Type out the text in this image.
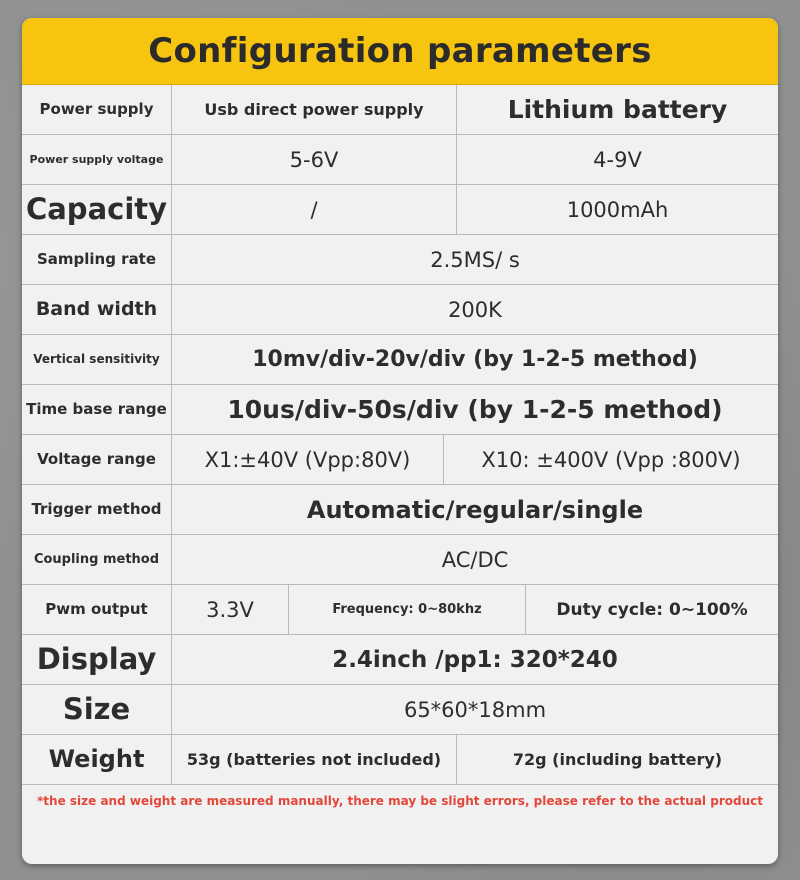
Configuration parameters
Power supply	Usb direct power supply	Lithium battery
Power supply voltage	5-6V	4-9V
Capacity	/	1000mAh
Sampling rate	2.5MS/ s
Band width	200K
Vertical sensitivity	10mv/div-20v/div (by 1-2-5 method)
Time base range	10us/div-50s/div (by 1-2-5 method)
Voltage range	X1:±40V (Vpp:80V)	X10: ±400V (Vpp :800V)
Trigger method	Automatic/regular/single
Coupling method	AC/DC
Pwm output	3.3V	Frequency: 0~80khz	Duty cycle: 0~100%
Display	2.4inch /pp1: 320*240
Size	65*60*18mm
Weight	53g (batteries not included)	72g (including battery)
*the size and weight are measured manually, there may be slight errors, please refer to the actual product
